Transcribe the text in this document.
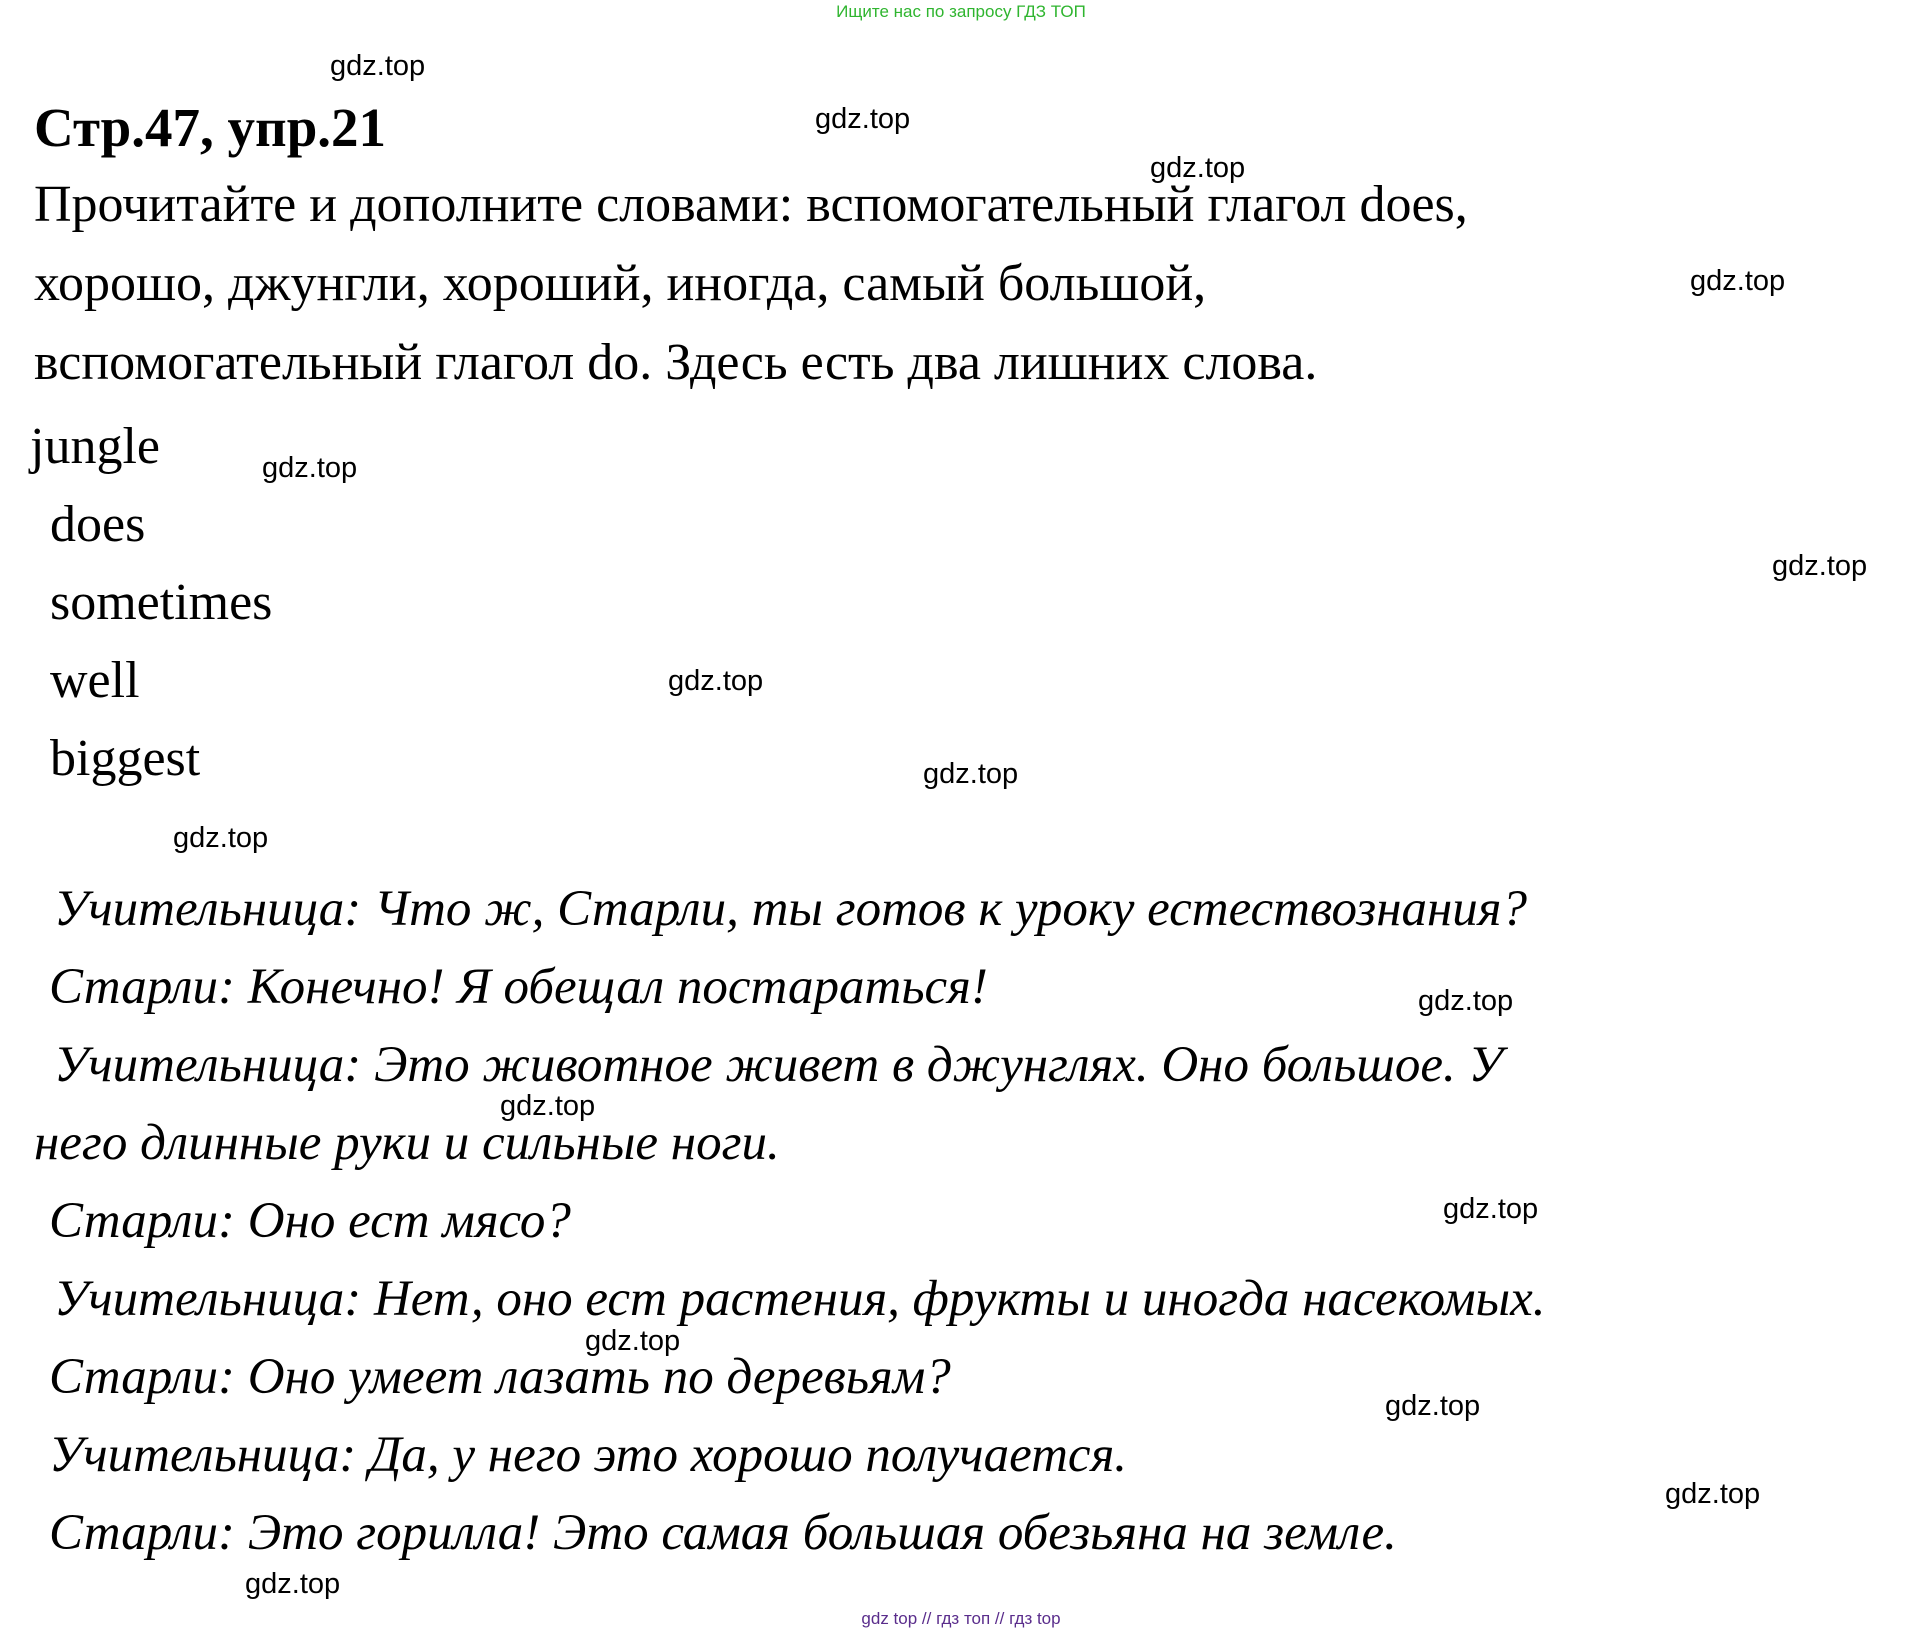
Ищите нас по запросу ГДЗ ТОП
Стр.47, упр.21

Прочитайте и дополните словами: вспомогательный глагол does,
хорошо, джунгли, хороший, иногда, самый большой,
вспомогательный глагол do. Здесь есть два лишних слова.

jungle
does
sometimes
well
biggest

Учительница: Что ж, Старли, ты готов к уроку естествознания?
Старли: Конечно! Я обещал постараться!
Учительница: Это животное живет в джунглях. Оно большое. У
него длинные руки и сильные ноги.
Старли: Оно ест мясо?
Учительница: Нет, оно ест растения, фрукты и иногда насекомых.
Старли: Оно умеет лазать по деревьям?
Учительница: Да, у него это хорошо получается.
Старли: Это горилла! Это самая большая обезьяна на земле.

gdz.top
gdz.top
gdz.top
gdz.top
gdz.top
gdz.top
gdz.top
gdz.top
gdz.top
gdz.top
gdz.top
gdz.top
gdz.top
gdz.top
gdz.top
gdz.top
gdz top // гдз топ // гдз top
